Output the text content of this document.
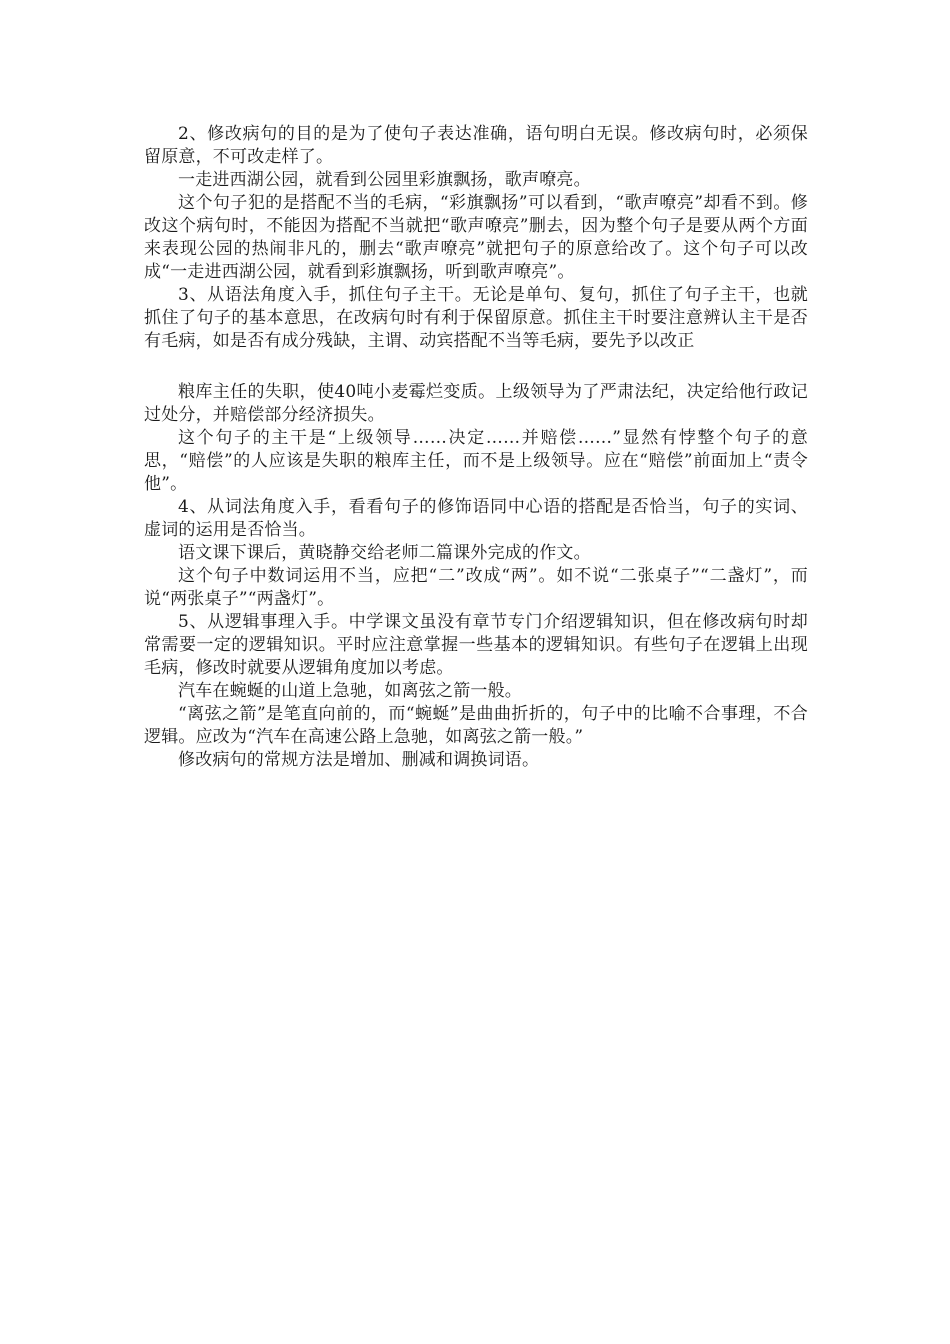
2、修改病句的目的是为了使句子表达准确，语句明白无误。修改病句时，必须保留原意，不可改走样了。

一走进西湖公园，就看到公园里彩旗飘扬，歌声嘹亮。

这个句子犯的是搭配不当的毛病，“彩旗飘扬”可以看到，“歌声嘹亮”却看不到。修改这个病句时，不能因为搭配不当就把“歌声嘹亮”删去，因为整个句子是要从两个方面来表现公园的热闹非凡的，删去“歌声嘹亮”就把句子的原意给改了。这个句子可以改成“一走进西湖公园，就看到彩旗飘扬，听到歌声嘹亮”。

3、从语法角度入手，抓住句子主干。无论是单句、复句，抓住了句子主干，也就抓住了句子的基本意思，在改病句时有利于保留原意。抓住主干时要注意辨认主干是否有毛病，如是否有成分残缺，主谓、动宾搭配不当等毛病，要先予以改正

粮库主任的失职，使40吨小麦霉烂变质。上级领导为了严肃法纪，决定给他行政记过处分，并赔偿部分经济损失。

这个句子的主干是“上级领导……决定……并赔偿……”显然有悖整个句子的意思，“赔偿”的人应该是失职的粮库主任，而不是上级领导。应在“赔偿”前面加上“责令他”。

4、从词法角度入手，看看句子的修饰语同中心语的搭配是否恰当，句子的实词、虚词的运用是否恰当。

语文课下课后，黄晓静交给老师二篇课外完成的作文。

这个句子中数词运用不当，应把“二”改成“两”。如不说“二张桌子”“二盏灯”，而说“两张桌子”“两盏灯”。

5、从逻辑事理入手。中学课文虽没有章节专门介绍逻辑知识，但在修改病句时却常需要一定的逻辑知识。平时应注意掌握一些基本的逻辑知识。有些句子在逻辑上出现毛病，修改时就要从逻辑角度加以考虑。

汽车在蜿蜒的山道上急驰，如离弦之箭一般。

“离弦之箭”是笔直向前的，而“蜿蜒”是曲曲折折的，句子中的比喻不合事理，不合逻辑。应改为“汽车在高速公路上急驰，如离弦之箭一般。”

修改病句的常规方法是增加、删减和调换词语。
